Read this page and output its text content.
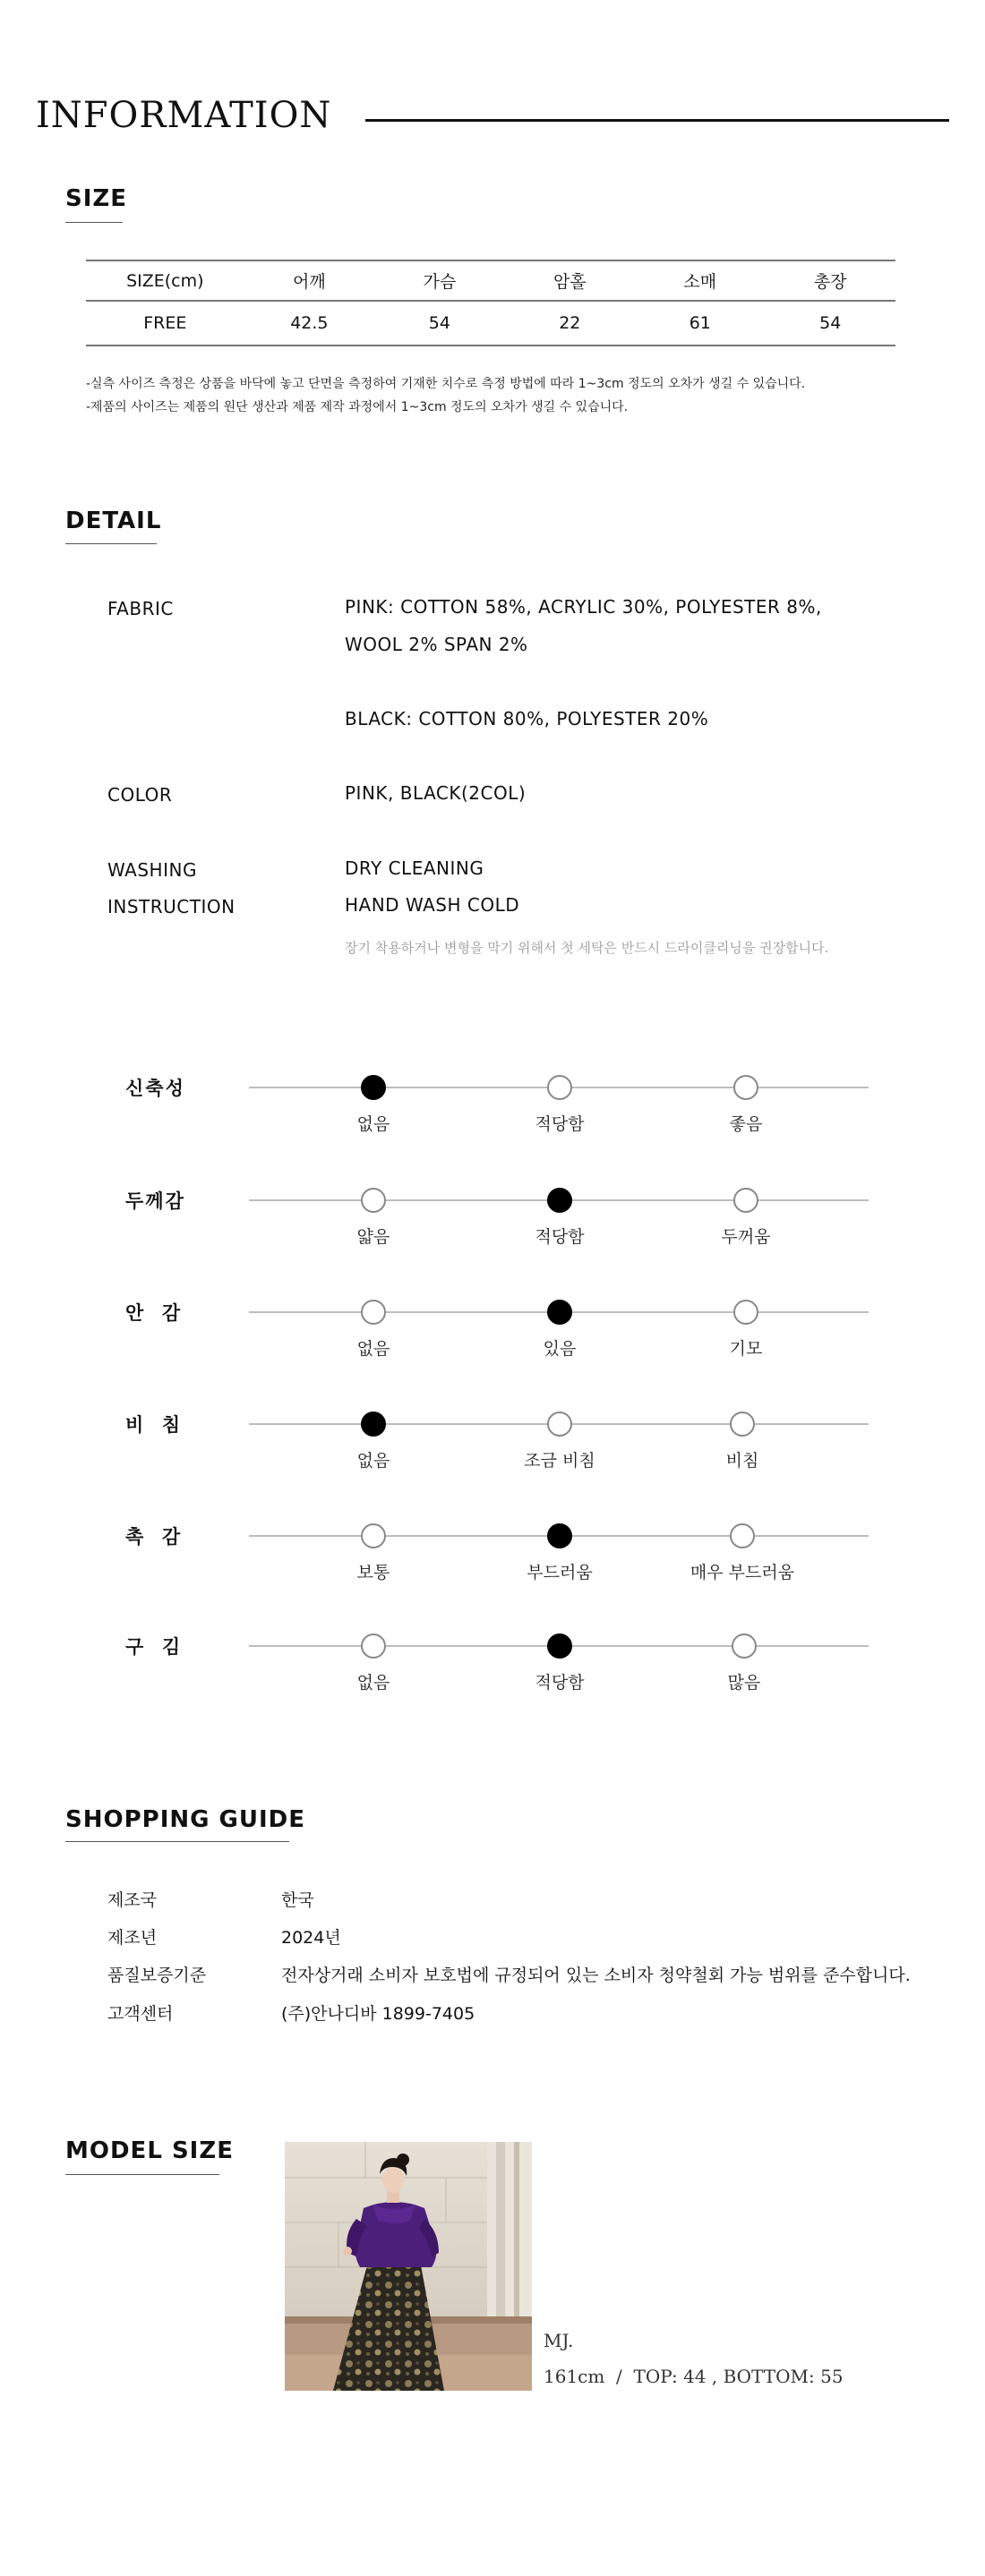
INFORMATION
SIZE
SIZE(cm)	어깨	가슴	암홀	소매	총장
FREE	42.5	54	22	61	54
-실측 사이즈 측정은 상품을 바닥에 놓고 단면을 측정하여 기재한 치수로 측정 방법에 따라 1~3cm 정도의 오차가 생길 수 있습니다.
-제품의 사이즈는 제품의 원단 생산과 제품 제작 과정에서 1~3cm 정도의 오차가 생길 수 있습니다.
DETAIL
FABRIC	PINK: COTTON 58%, ACRYLIC 30%, POLYESTER 8%,
WOOL 2% SPAN 2%
BLACK: COTTON 80%, POLYESTER 20%
COLOR	PINK, BLACK(2COL)
WASHING
INSTRUCTION
DRY CLEANING
HAND WASH COLD
장기 착용하거나 변형을 막기 위해서 첫 세탁은 반드시 드라이클리닝을 권장합니다.
신축성
없음	적당함	좋음
두께감
얇음	적당함	두꺼움
안  감
없음	있음	기모
비  침
없음	조금 비침	비침
촉  감
보통	부드러움	매우 부드러움
구  김
없음	적당함	많음
SHOPPING GUIDE
제조국	한국
제조년	2024년
품질보증기준	전자상거래 소비자 보호법에 규정되어 있는 소비자 청약철회 가능 범위를 준수합니다.
고객센터	(주)안나디바 1899-7405
MODEL SIZE
MJ.
161cm  /  TOP: 44 , BOTTOM: 55
